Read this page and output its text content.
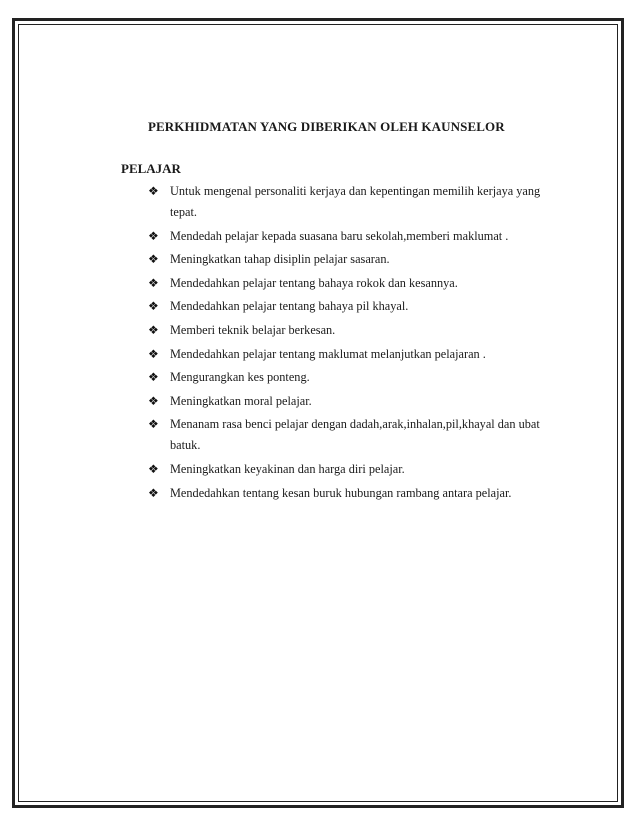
PERKHIDMATAN YANG DIBERIKAN OLEH KAUNSELOR
PELAJAR
❖ Untuk mengenal personaliti kerjaya dan kepentingan memilih kerjaya yang tepat.
❖ Mendedah pelajar kepada suasana baru sekolah,memberi maklumat .
❖ Meningkatkan tahap disiplin pelajar sasaran.
❖ Mendedahkan pelajar tentang bahaya rokok dan kesannya.
❖ Mendedahkan pelajar tentang bahaya pil khayal.
❖ Memberi teknik belajar berkesan.
❖ Mendedahkan pelajar tentang maklumat melanjutkan pelajaran .
❖ Mengurangkan kes ponteng.
❖ Meningkatkan moral pelajar.
❖ Menanam rasa benci pelajar dengan dadah,arak,inhalan,pil,khayal dan ubat batuk.
❖ Meningkatkan keyakinan dan harga diri pelajar.
❖ Mendedahkan tentang kesan buruk hubungan rambang antara pelajar.
